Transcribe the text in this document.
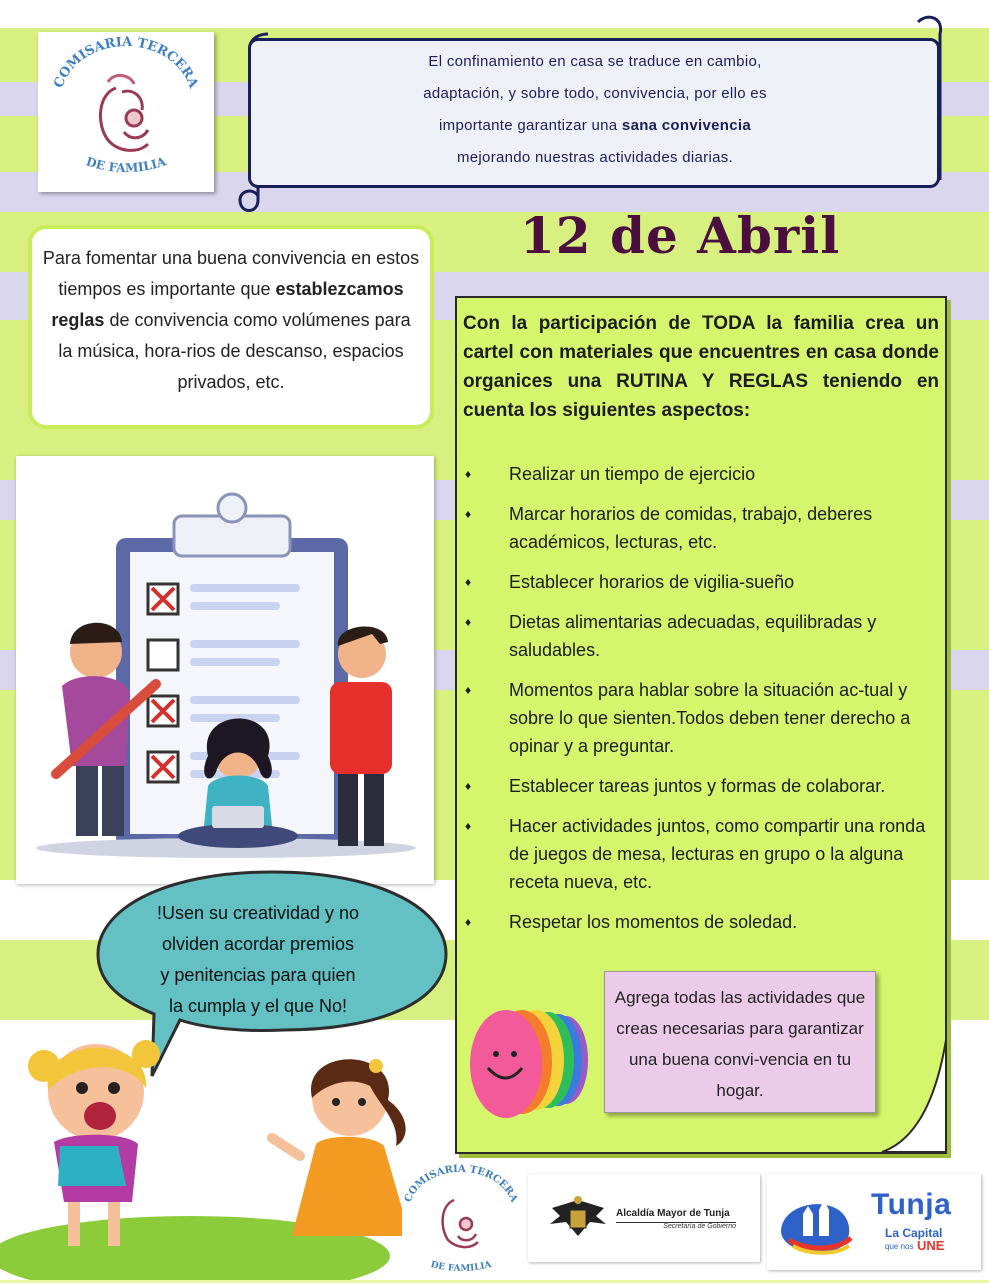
COMISARIA TERCERA
DE FAMILIA
El confinamiento en casa se traduce en cambio,
adaptación, y sobre todo, convivencia, por ello es
importante garantizar una sana convivencia
mejorando nuestras actividades diarias.
12 de Abril
Para fomentar una buena convivencia en estos tiempos es importante que establezcamos reglas de convivencia como volúmenes para la música, hora-rios de descanso, espacios privados, etc.
!Usen su creatividad y no
olviden acordar premios
y penitencias para quien
la cumpla y el que No!
Con la participación de TODA la familia crea un cartel con materiales que encuentres en casa donde organices una RUTINA Y REGLAS teniendo en cuenta los siguientes aspectos:
♦ Realizar un tiempo de ejercicio
♦ Marcar horarios de comidas, trabajo, deberes académicos, lecturas, etc.
♦ Establecer horarios de vigilia-sueño
♦ Dietas alimentarias adecuadas, equilibradas y saludables.
♦ Momentos para hablar sobre la situación ac-tual y sobre lo que sienten.Todos deben tener derecho a opinar y a preguntar.
♦ Establecer tareas juntos y formas de colaborar.
♦ Hacer actividades juntos, como compartir una ronda de juegos de mesa, lecturas en grupo o la alguna receta nueva, etc.
♦ Respetar los momentos de soledad.
Agrega todas las actividades que creas necesarias para garantizar una buena convi-vencia en tu hogar.
COMISARIA TERCERA
DE FAMILIA
Alcaldía Mayor de Tunja
Secretaría de Gobierno
Tunja
La Capital
que nos UNE
